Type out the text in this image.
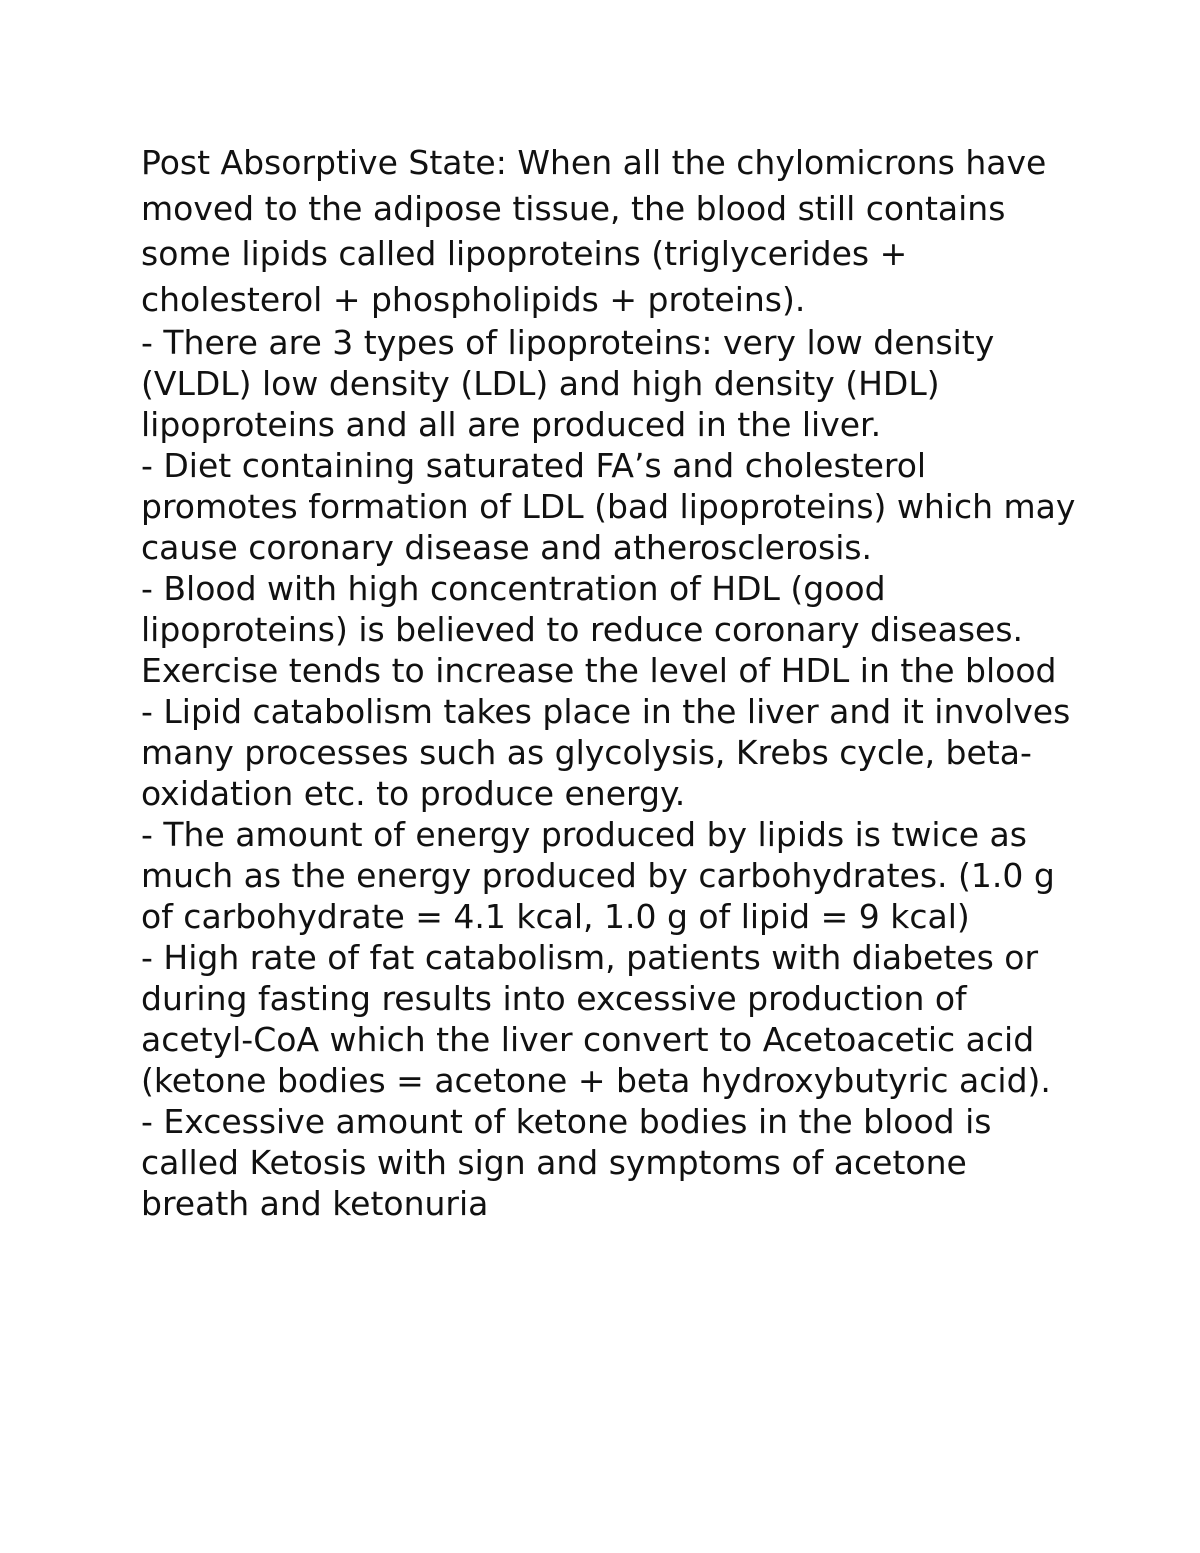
Post Absorptive State: When all the chylomicrons have moved to the adipose tissue, the blood still contains some lipids called lipoproteins (triglycerides + cholesterol + phospholipids + proteins).

- There are 3 types of lipoproteins: very low density (VLDL) low density (LDL) and high density (HDL) lipoproteins and all are produced in the liver.

- Diet containing saturated FA’s and cholesterol promotes formation of LDL (bad lipoproteins) which may cause coronary disease and atherosclerosis.

- Blood with high concentration of HDL (good lipoproteins) is believed to reduce coronary diseases. Exercise tends to increase the level of HDL in the blood

- Lipid catabolism takes place in the liver and it involves many processes such as glycolysis, Krebs cycle, beta-oxidation etc. to produce energy.

- The amount of energy produced by lipids is twice as much as the energy produced by carbohydrates. (1.0 g of carbohydrate = 4.1 kcal, 1.0 g of lipid = 9 kcal)

- High rate of fat catabolism, patients with diabetes or during fasting results into excessive production of acetyl-CoA which the liver convert to Acetoacetic acid (ketone bodies = acetone + beta hydroxybutyric acid).

- Excessive amount of ketone bodies in the blood is called Ketosis with sign and symptoms of acetone breath and ketonuria
